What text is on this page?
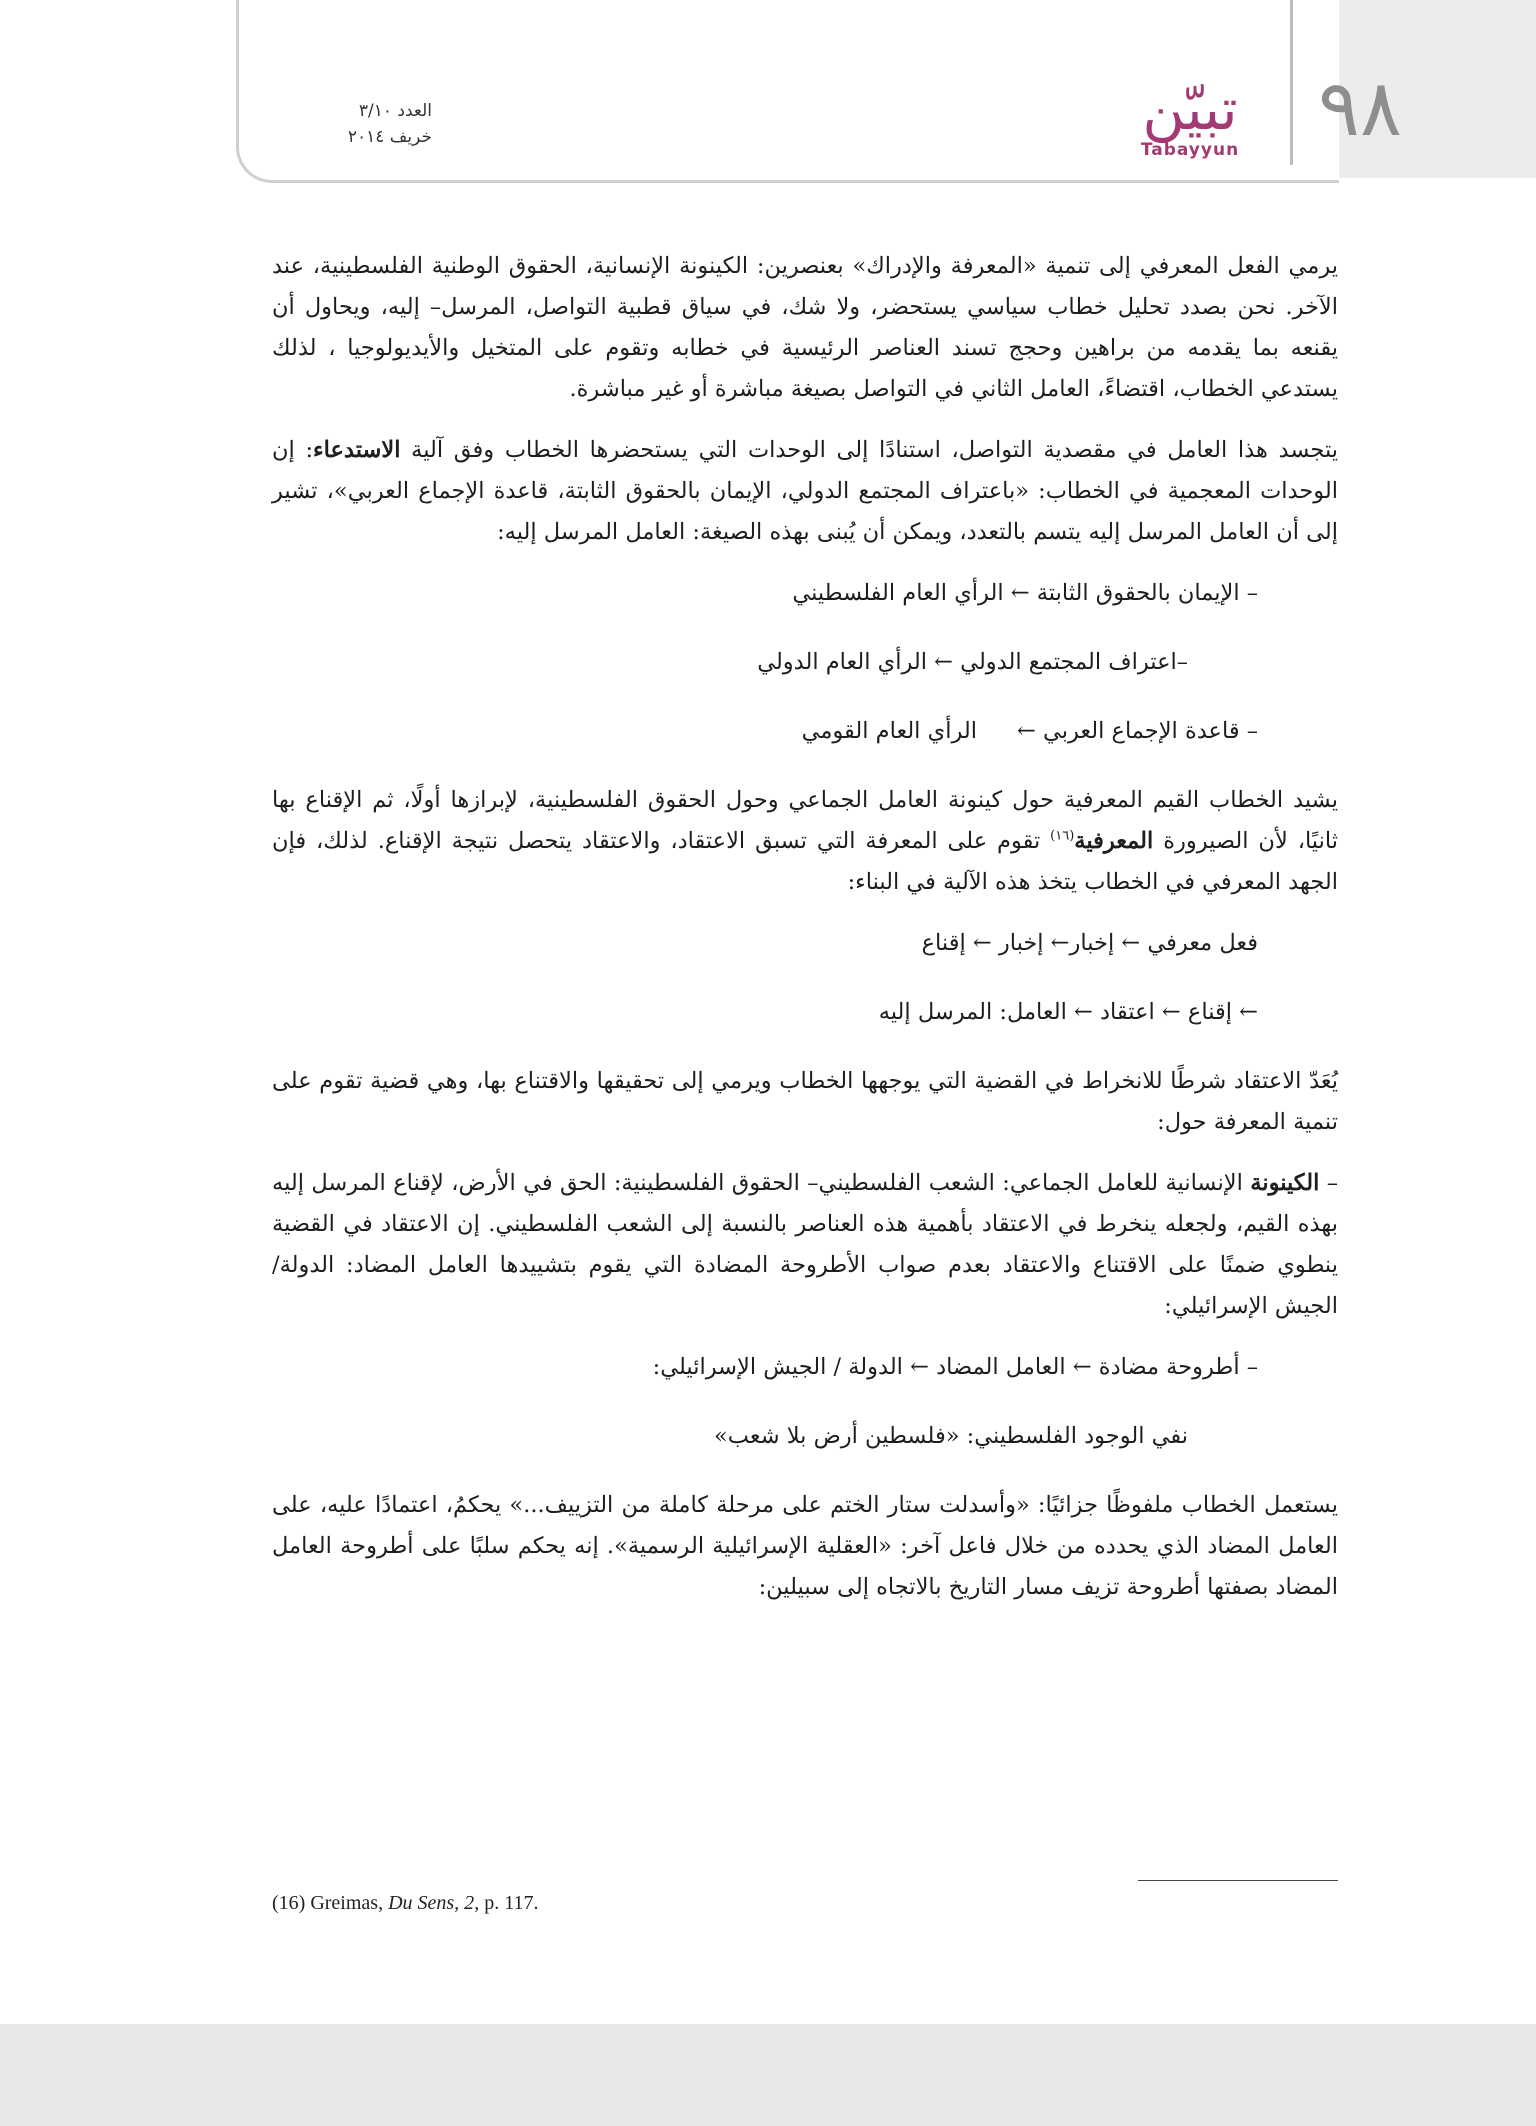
٩٨
تبيّن
Tabayyun
العدد ٣/١٠
خريف ٢٠١٤

يرمي الفعل المعرفي إلى تنمية «المعرفة والإدراك» بعنصرين: الكينونة الإنسانية، الحقوق الوطنية الفلسطينية، عند الآخر. نحن بصدد تحليل خطاب سياسي يستحضر، ولا شك، في سياق قطبية التواصل، المرسل– إليه، ويحاول أن يقنعه بما يقدمه من براهين وحجج تسند العناصر الرئيسية في خطابه وتقوم على المتخيل والأيديولوجيا ، لذلك يستدعي الخطاب، اقتضاءً، العامل الثاني في التواصل بصيغة مباشرة أو غير مباشرة.

يتجسد هذا العامل في مقصدية التواصل، استنادًا إلى الوحدات التي يستحضرها الخطاب وفق آلية الاستدعاء: إن الوحدات المعجمية في الخطاب: «باعتراف المجتمع الدولي، الإيمان بالحقوق الثابتة، قاعدة الإجماع العربي»، تشير إلى أن العامل المرسل إليه يتسم بالتعدد، ويمكن أن يُبنى بهذه الصيغة: العامل المرسل إليه:

– الإيمان بالحقوق الثابتة ← الرأي العام الفلسطيني
–اعتراف المجتمع الدولي ← الرأي العام الدولي
– قاعدة الإجماع العربي ←الرأي العام القومي

يشيد الخطاب القيم المعرفية حول كينونة العامل الجماعي وحول الحقوق الفلسطينية، لإبرازها أولًا، ثم الإقناع بها ثانيًا، لأن الصيرورة المعرفية$^{(١٦)}$ تقوم على المعرفة التي تسبق الاعتقاد، والاعتقاد يتحصل نتيجة الإقناع. لذلك، فإن الجهد المعرفي في الخطاب يتخذ هذه الآلية في البناء:

فعل معرفي ← إخبار← إخبار ← إقناع
← إقناع ← اعتقاد ← العامل: المرسل إليه

يُعَدّ الاعتقاد شرطًا للانخراط في القضية التي يوجهها الخطاب ويرمي إلى تحقيقها والاقتناع بها، وهي قضية تقوم على تنمية المعرفة حول:

– الكينونة الإنسانية للعامل الجماعي: الشعب الفلسطيني– الحقوق الفلسطينية: الحق في الأرض، لإقناع المرسل إليه بهذه القيم، ولجعله ينخرط في الاعتقاد بأهمية هذه العناصر بالنسبة إلى الشعب الفلسطيني. إن الاعتقاد في القضية ينطوي ضمنًا على الاقتناع والاعتقاد بعدم صواب الأطروحة المضادة التي يقوم بتشييدها العامل المضاد: الدولة/ الجيش الإسرائيلي:

– أطروحة مضادة ← العامل المضاد ← الدولة / الجيش الإسرائيلي:
نفي الوجود الفلسطيني: «فلسطين أرض بلا شعب»

يستعمل الخطاب ملفوظًا جزائيًا: «وأسدلت ستار الختم على مرحلة كاملة من التزييف...» يحكمُ، اعتمادًا عليه، على العامل المضاد الذي يحدده من خلال فاعل آخر: «العقلية الإسرائيلية الرسمية». إنه يحكم سلبًا على أطروحة العامل المضاد بصفتها أطروحة تزيف مسار التاريخ بالاتجاه إلى سبيلين:

(16) Greimas, Du Sens, 2, p. 117.
